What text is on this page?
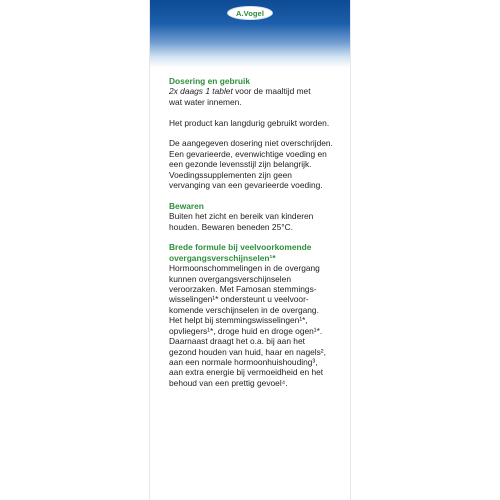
A.Vogel

Dosering en gebruik

2x daags 1 tablet voor de maaltijd met

wat water innemen.

Het product kan langdurig gebruikt worden.

De aangegeven dosering niet overschrijden.

Een gevarieerde, evenwichtige voeding en

een gezonde levensstijl zijn belangrijk.

Voedingssupplementen zijn geen

vervanging van een gevarieerde voeding.

Bewaren

Buiten het zicht en bereik van kinderen

houden. Bewaren beneden 25°C.

Brede formule bij veelvoorkomende

overgangsverschijnselen¹*

Hormoonschommelingen in de overgang

kunnen overgangsverschijnselen

veroorzaken. Met Famosan stemmings-

wisselingen¹* ondersteunt u veelvoor-

komende verschijnselen in de overgang.

Het helpt bij stemmingswisselingen¹*,

opvliegers¹*, droge huid en droge ogen¹*.

Daarnaast draagt het o.a. bij aan het

gezond houden van huid, haar en nagels²,

aan een normale hormoonhuishouding³,

aan extra energie bij vermoeidheid en het

behoud van een prettig gevoel⁴.
